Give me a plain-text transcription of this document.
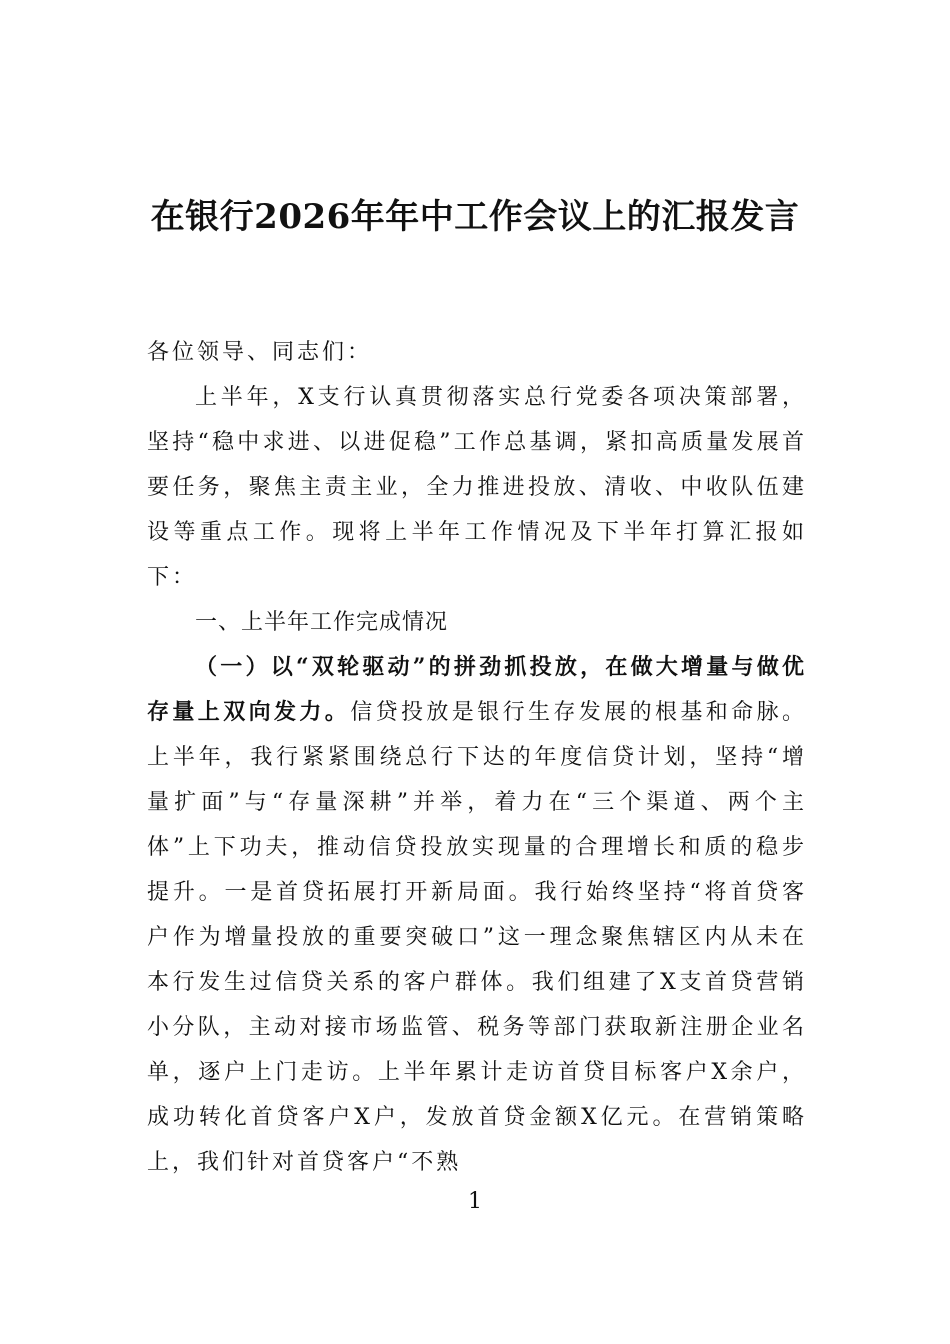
在银行2026年年中工作会议上的汇报发言

各位领导、同志们：

上半年，X支行认真贯彻落实总行党委各项决策部署，坚持“稳中求进、以进促稳”工作总基调，紧扣高质量发展首要任务，聚焦主责主业，全力推进投放、清收、中收队伍建设等重点工作。现将上半年工作情况及下半年打算汇报如下：

一、上半年工作完成情况

（一）以“双轮驱动”的拼劲抓投放，在做大增量与做优存量上双向发力。信贷投放是银行生存发展的根基和命脉。上半年，我行紧紧围绕总行下达的年度信贷计划，坚持“增量扩面”与“存量深耕”并举，着力在“三个渠道、两个主体”上下功夫，推动信贷投放实现量的合理增长和质的稳步提升。一是首贷拓展打开新局面。我行始终坚持“将首贷客户作为增量投放的重要突破口”这一理念聚焦辖区内从未在本行发生过信贷关系的客户群体。我们组建了X支首贷营销小分队，主动对接市场监管、税务等部门获取新注册企业名单，逐户上门走访。上半年累计走访首贷目标客户X余户，成功转化首贷客户X户，发放首贷金额X亿元。在营销策略上，我们针对首贷客户“不熟

1
